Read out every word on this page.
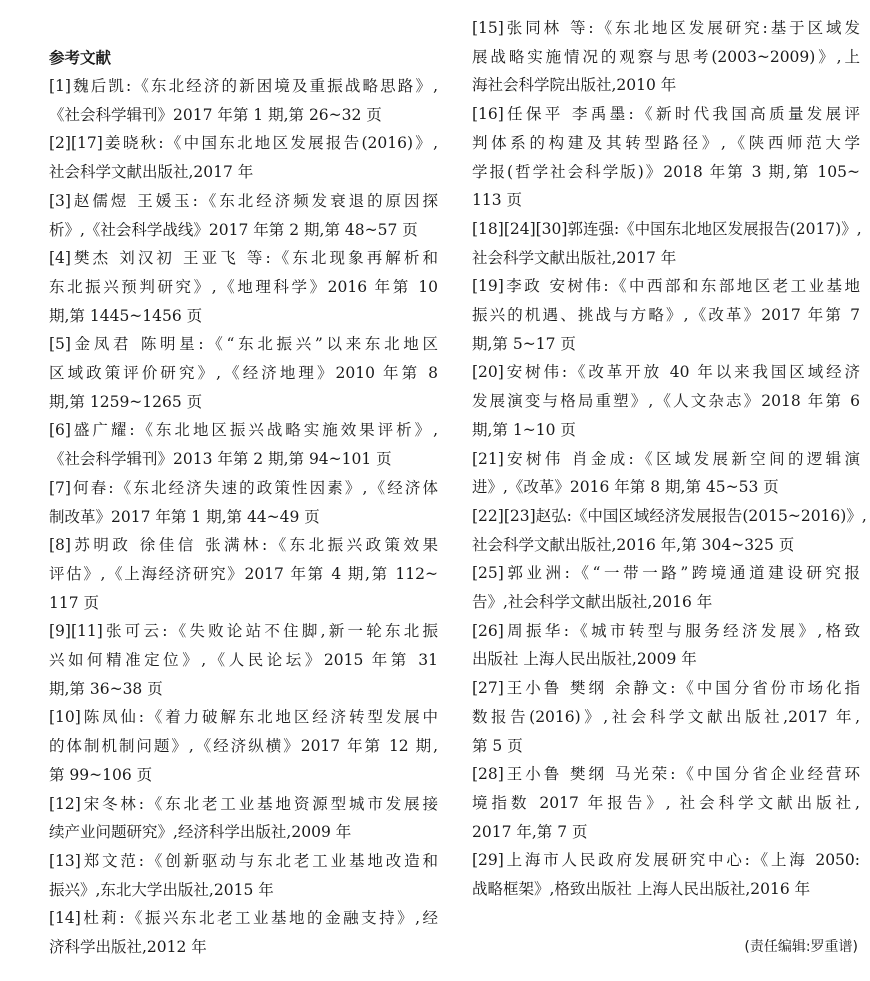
参考文献
[1]魏后凯:《东北经济的新困境及重振战略思路》,
《社会科学辑刊》2017 年第 1 期,第 26~32 页
[2][17]姜晓秋:《中国东北地区发展报告(2016)》,
社会科学文献出版社,2017 年
[3]赵儒煜 王媛玉:《东北经济频发衰退的原因探
析》,《社会科学战线》2017 年第 2 期,第 48~57 页
[4]樊杰 刘汉初 王亚飞 等:《东北现象再解析和
东北振兴预判研究》,《地理科学》2016 年第 10
期,第 1445~1456 页
[5]金凤君 陈明星:《“东北振兴”以来东北地区
区域政策评价研究》,《经济地理》2010 年第 8
期,第 1259~1265 页
[6]盛广耀:《东北地区振兴战略实施效果评析》,
《社会科学辑刊》2013 年第 2 期,第 94~101 页
[7]何春:《东北经济失速的政策性因素》,《经济体
制改革》2017 年第 1 期,第 44~49 页
[8]苏明政 徐佳信 张满林:《东北振兴政策效果
评估》,《上海经济研究》2017 年第 4 期,第 112~
117 页
[9][11]张可云:《失败论站不住脚,新一轮东北振
兴如何精准定位》,《人民论坛》2015 年第 31
期,第 36~38 页
[10]陈凤仙:《着力破解东北地区经济转型发展中
的体制机制问题》,《经济纵横》2017 年第 12 期,
第 99~106 页
[12]宋冬林:《东北老工业基地资源型城市发展接
续产业问题研究》,经济科学出版社,2009 年
[13]郑文范:《创新驱动与东北老工业基地改造和
振兴》,东北大学出版社,2015 年
[14]杜莉:《振兴东北老工业基地的金融支持》,经
济科学出版社,2012 年
[15]张同林 等:《东北地区发展研究:基于区域发
展战略实施情况的观察与思考(2003~2009)》,上
海社会科学院出版社,2010 年
[16]任保平 李禹墨:《新时代我国高质量发展评
判体系的构建及其转型路径》,《陕西师范大学
学报(哲学社会科学版)》2018 年第 3 期,第 105~
113 页
[18][24][30]郭连强:《中国东北地区发展报告(2017)》,
社会科学文献出版社,2017 年
[19]李政 安树伟:《中西部和东部地区老工业基地
振兴的机遇、挑战与方略》,《改革》2017 年第 7
期,第 5~17 页
[20]安树伟:《改革开放 40 年以来我国区域经济
发展演变与格局重塑》,《人文杂志》2018 年第 6
期,第 1~10 页
[21]安树伟 肖金成:《区域发展新空间的逻辑演
进》,《改革》2016 年第 8 期,第 45~53 页
[22][23]赵弘:《中国区域经济发展报告(2015~2016)》,
社会科学文献出版社,2016 年,第 304~325 页
[25]郭业洲:《“一带一路”跨境通道建设研究报
告》,社会科学文献出版社,2016 年
[26]周振华:《城市转型与服务经济发展》,格致
出版社 上海人民出版社,2009 年
[27]王小鲁 樊纲 余静文:《中国分省份市场化指
数报告(2016)》,社会科学文献出版社,2017 年,
第 5 页
[28]王小鲁 樊纲 马光荣:《中国分省企业经营环
境指数 2017 年报告》, 社会科学文献出版社,
2017 年,第 7 页
[29]上海市人民政府发展研究中心:《上海 2050:
战略框架》,格致出版社 上海人民出版社,2016 年
(责任编辑:罗重谱)
